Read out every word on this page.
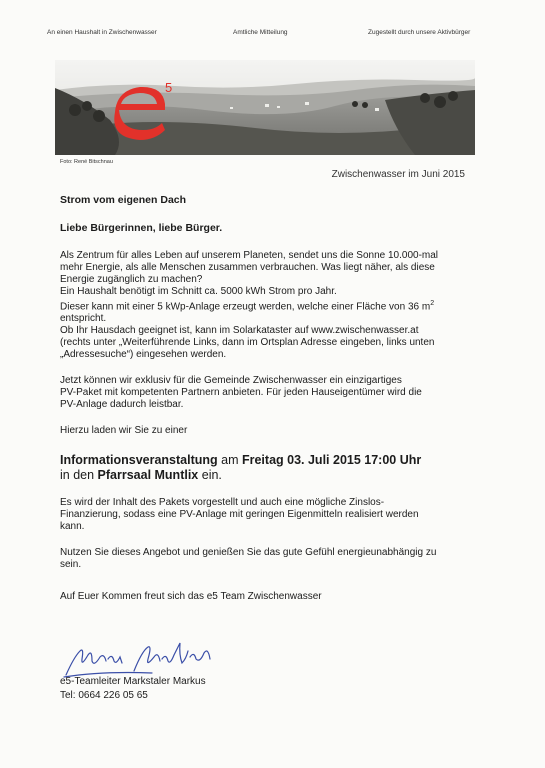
An einen Haushalt in Zwischenwasser	Amtliche Mitteilung	Zugestellt durch unsere Aktivbürger
5
Foto: René Bitschnau
Zwischenwasser im Juni 2015

Strom vom eigenen Dach

Liebe Bürgerinnen, liebe Bürger.

Als Zentrum für alles Leben auf unserem Planeten, sendet uns die Sonne 10.000-mal

mehr Energie, als alle Menschen zusammen verbrauchen. Was liegt näher, als diese

Energie zugänglich zu machen?

Ein Haushalt benötigt im Schnitt ca. 5000 kWh Strom pro Jahr.

Dieser kann mit einer 5 kWp-Anlage erzeugt werden, welche einer Fläche von 36 $m^2$

entspricht.

Ob Ihr Hausdach geeignet ist, kann im Solarkataster auf www.zwischenwasser.at

(rechts unter „Weiterführende Links, dann im Ortsplan Adresse eingeben, links unten

„Adressesuche“) eingesehen werden.

Jetzt können wir exklusiv für die Gemeinde Zwischenwasser ein einzigartiges

PV-Paket mit kompetenten Partnern anbieten. Für jeden Hauseigentümer wird die

PV-Anlage dadurch leistbar.

Hierzu laden wir Sie zu einer

Informationsveranstaltung am Freitag 03. Juli 2015 17:00 Uhr

in den Pfarrsaal Muntlix ein.

Es wird der Inhalt des Pakets vorgestellt und auch eine mögliche Zinslos-

Finanzierung, sodass eine PV-Anlage mit geringen Eigenmitteln realisiert werden

kann.

Nutzen Sie dieses Angebot und genießen Sie das gute Gefühl energieunabhängig zu

sein.

Auf Euer Kommen freut sich das e5 Team Zwischenwasser

e5-Teamleiter Markstaler Markus
Tel: 0664 226 05 65
